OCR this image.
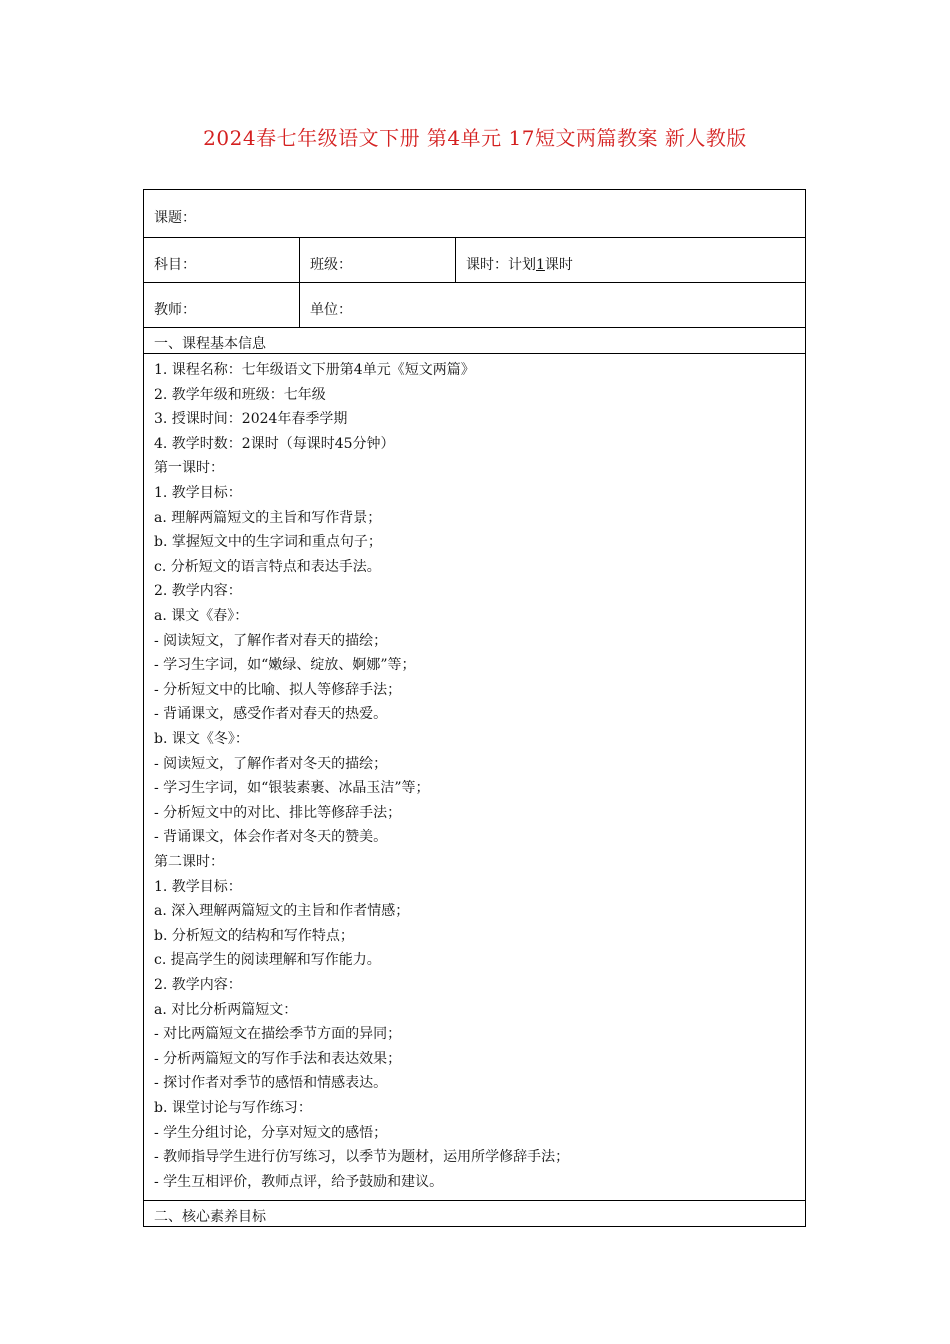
2024春七年级语文下册 第4单元 17短文两篇教案 新人教版
课题：
科目：	班级：	课时：计划1课时
教师：	单位：
一、课程基本信息
1. 课程名称：七年级语文下册第4单元《短文两篇》
2. 教学年级和班级：七年级
3. 授课时间：2024年春季学期
4. 教学时数：2课时（每课时45分钟）
第一课时：
1. 教学目标：
a. 理解两篇短文的主旨和写作背景；
b. 掌握短文中的生字词和重点句子；
c. 分析短文的语言特点和表达手法。
2. 教学内容：
a. 课文《春》：
- 阅读短文，了解作者对春天的描绘；
- 学习生字词，如“嫩绿、绽放、婀娜”等；
- 分析短文中的比喻、拟人等修辞手法；
- 背诵课文，感受作者对春天的热爱。
b. 课文《冬》：
- 阅读短文，了解作者对冬天的描绘；
- 学习生字词，如“银装素裹、冰晶玉洁”等；
- 分析短文中的对比、排比等修辞手法；
- 背诵课文，体会作者对冬天的赞美。
第二课时：
1. 教学目标：
a. 深入理解两篇短文的主旨和作者情感；
b. 分析短文的结构和写作特点；
c. 提高学生的阅读理解和写作能力。
2. 教学内容：
a. 对比分析两篇短文：
- 对比两篇短文在描绘季节方面的异同；
- 分析两篇短文的写作手法和表达效果；
- 探讨作者对季节的感悟和情感表达。
b. 课堂讨论与写作练习：
- 学生分组讨论，分享对短文的感悟；
- 教师指导学生进行仿写练习，以季节为题材，运用所学修辞手法；
- 学生互相评价，教师点评，给予鼓励和建议。
二、核心素养目标
